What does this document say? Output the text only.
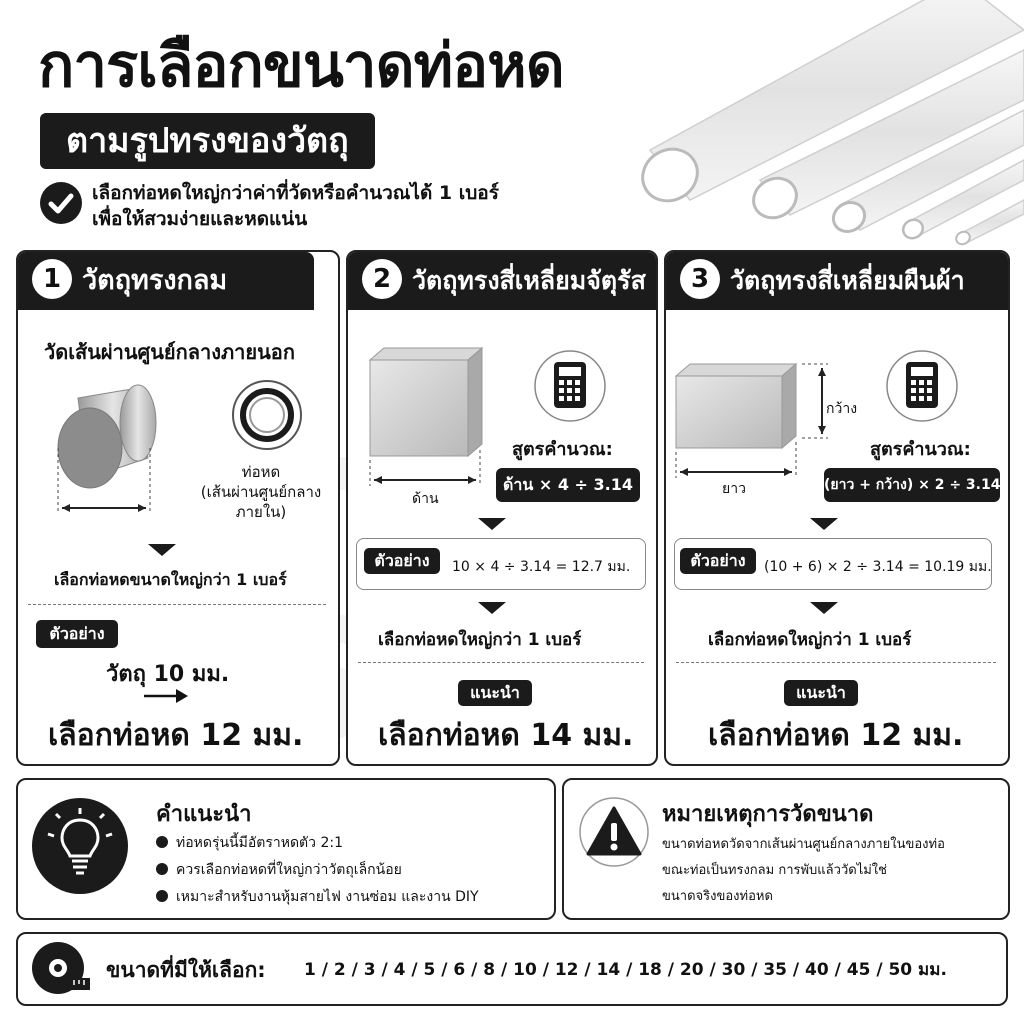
การเลือกขนาดท่อหด
ตามรูปทรงของวัตถุ
เลือกท่อหดใหญ่กว่าค่าที่วัดหรือคำนวณได้ 1 เบอร์
เพื่อให้สวมง่ายและหดแน่น
1 วัตถุทรงกลม
วัดเส้นผ่านศูนย์กลางภายนอก
ท่อหด
(เส้นผ่านศูนย์กลาง
ภายใน)
เลือกท่อหดขนาดใหญ่กว่า 1 เบอร์
ตัวอย่าง
วัตถุ 10 มม.
เลือกท่อหด 12 มม.
2 วัตถุทรงสี่เหลี่ยมจัตุรัส
ด้าน
สูตรคำนวณ:
ด้าน × 4 ÷ 3.14
ตัวอย่าง	10 × 4 ÷ 3.14 = 12.7 มม.
เลือกท่อหดใหญ่กว่า 1 เบอร์
แนะนำ
เลือกท่อหด 14 มม.
3 วัตถุทรงสี่เหลี่ยมผืนผ้า
กว้าง
ยาว
สูตรคำนวณ:
(ยาว + กว้าง) × 2 ÷ 3.14
ตัวอย่าง	(10 + 6) × 2 ÷ 3.14 = 10.19 มม.
เลือกท่อหดใหญ่กว่า 1 เบอร์
แนะนำ
เลือกท่อหด 12 มม.
คำแนะนำ
ท่อหดรุ่นนี้มีอัตราหดตัว 2:1
ควรเลือกท่อหดที่ใหญ่กว่าวัตถุเล็กน้อย
เหมาะสำหรับงานหุ้มสายไฟ งานซ่อม และงาน DIY
หมายเหตุการวัดขนาด
ขนาดท่อหดวัดจากเส้นผ่านศูนย์กลางภายในของท่อ
ขณะท่อเป็นทรงกลม การพับแล้ววัดไม่ใช่
ขนาดจริงของท่อหด
ขนาดที่มีให้เลือก: 1 / 2 / 3 / 4 / 5 / 6 / 8 / 10 / 12 / 14 / 18 / 20 / 30 / 35 / 40 / 45 / 50 มม.
